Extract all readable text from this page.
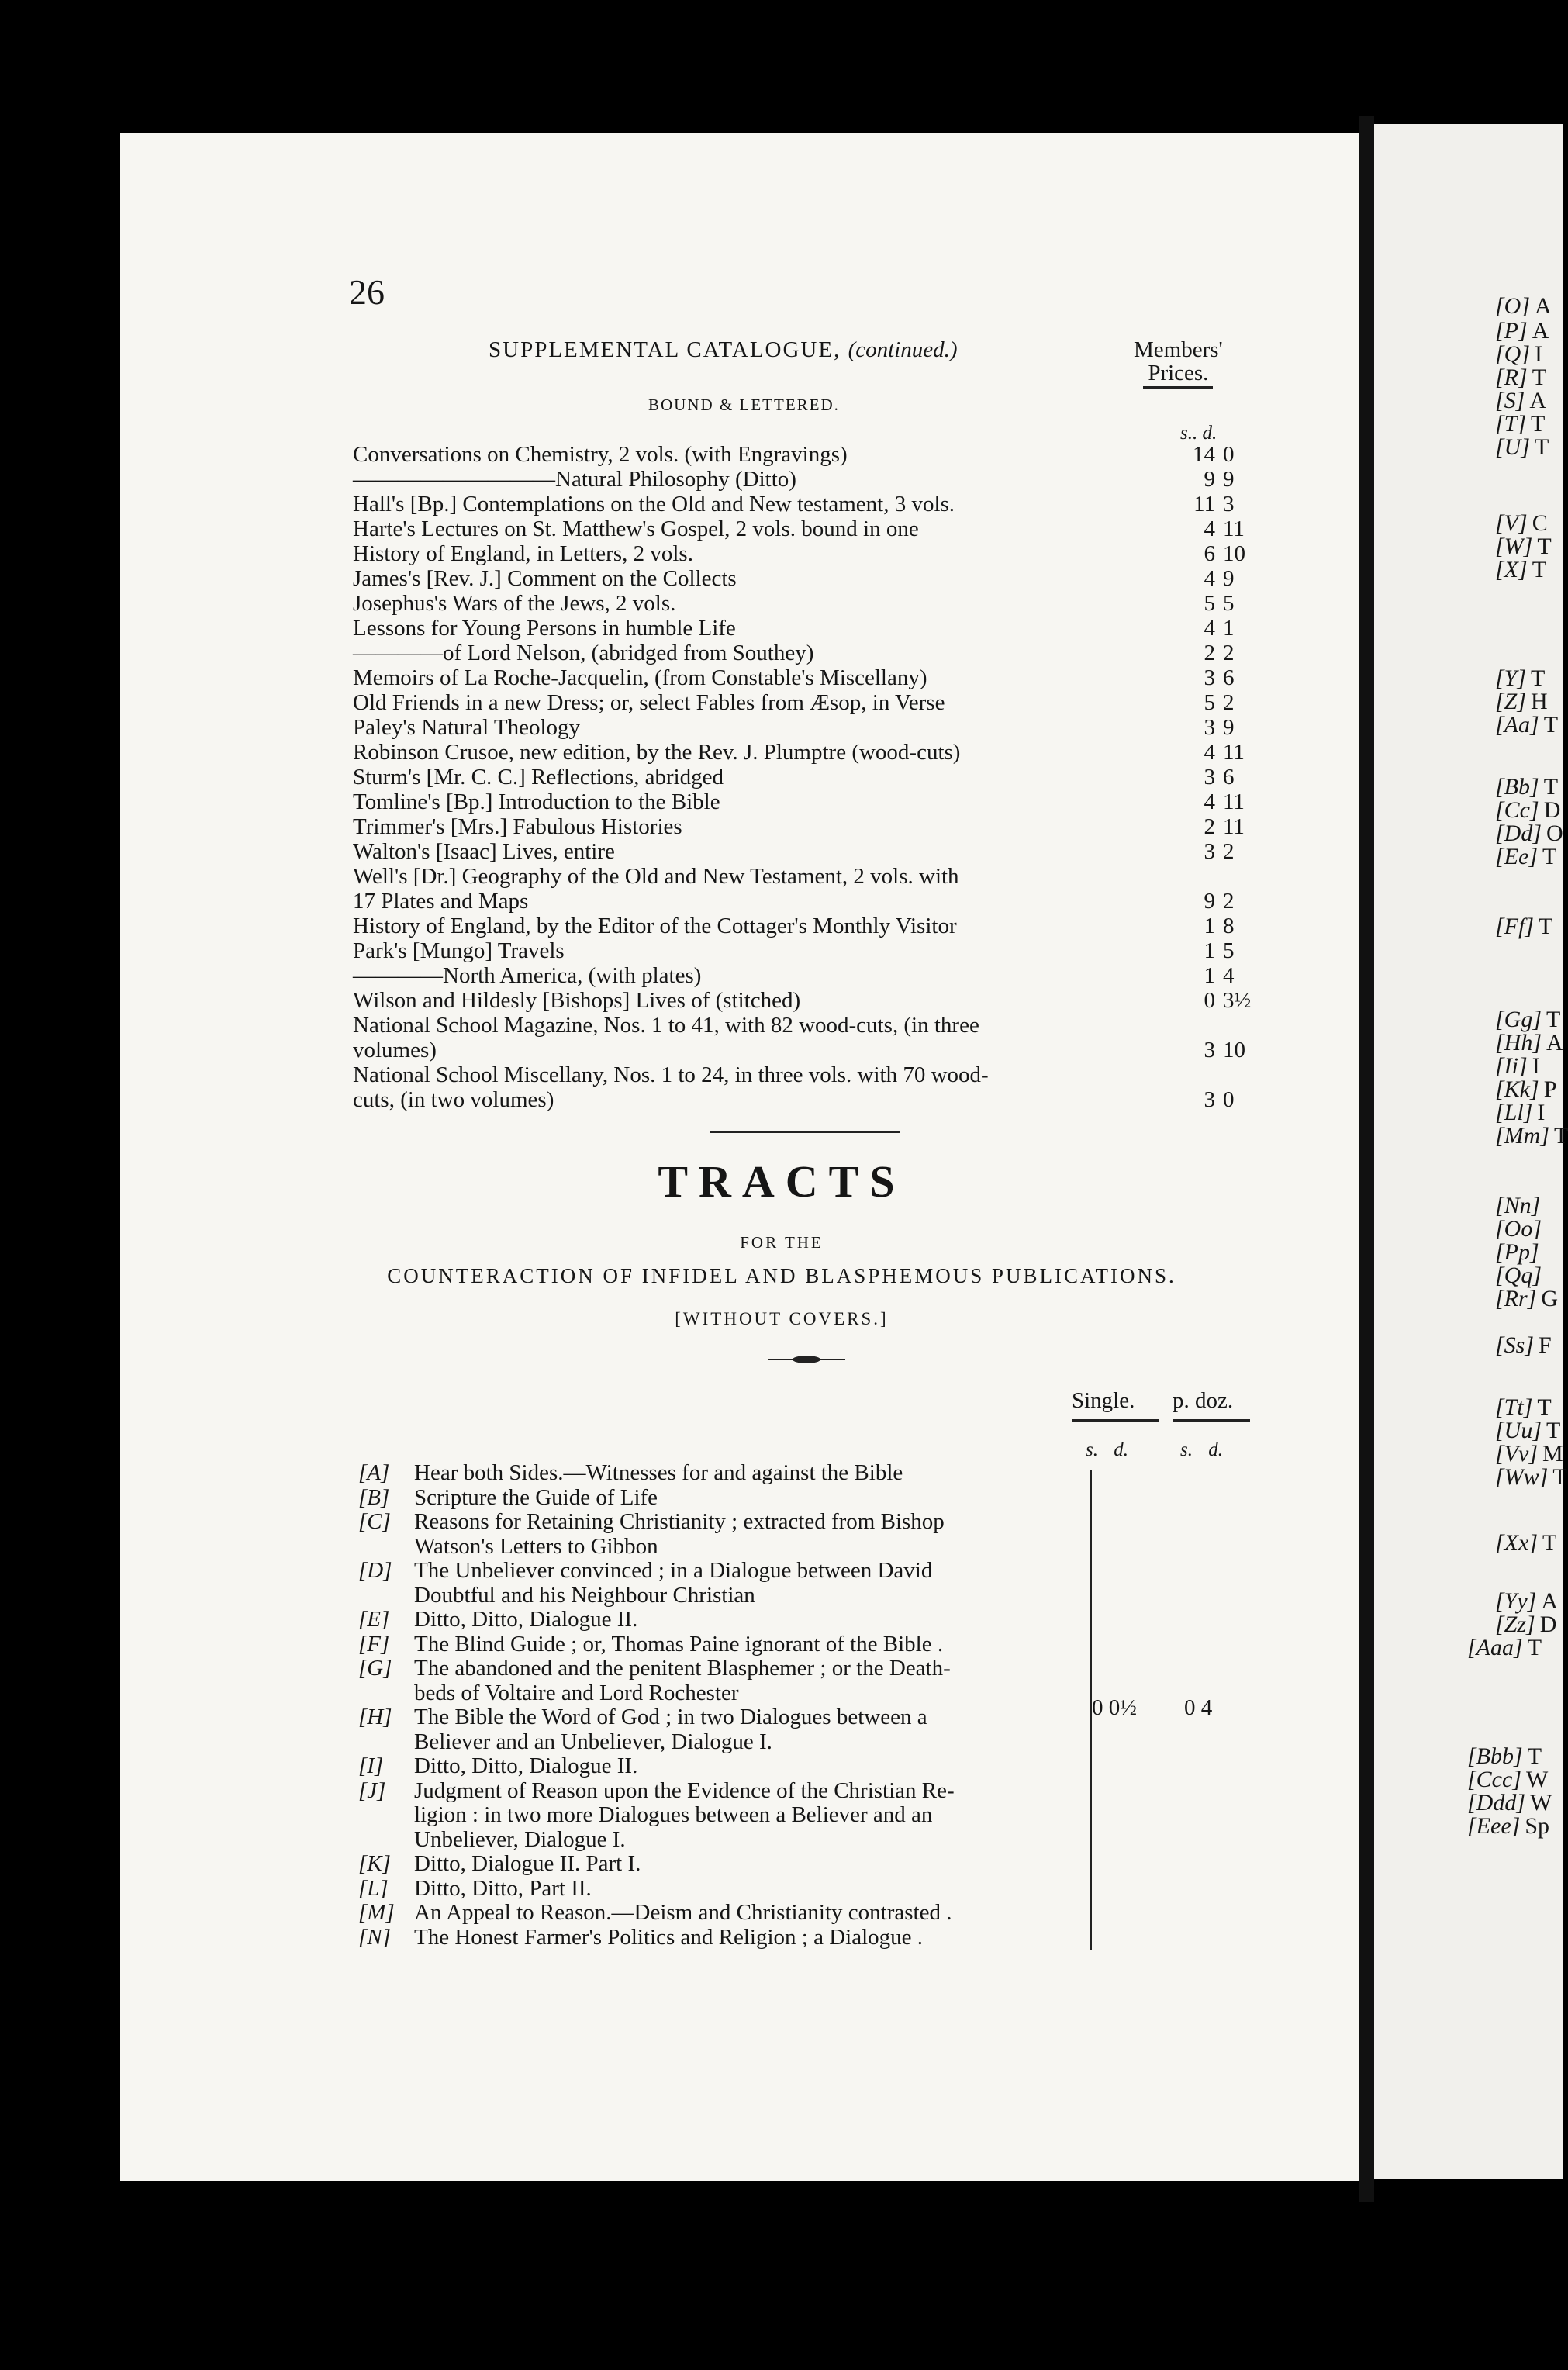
[O] A
[P] A
[Q] I
[R] T
[S] A
[T] T
[U] T
[V] C
[W] T
[X] T
[Y] T
[Z] H
[Aa] T
[Bb] T
[Cc] D
[Dd] O
[Ee] T
[Ff] T
[Gg] T
[Hh] A
[Ii] I
[Kk] P
[Ll] I
[Mm] T
[Nn]
[Oo]
[Pp]
[Qq]
[Rr] G
[Ss] F
[Tt] T
[Uu] T
[Vv] M
[Ww] T
[Xx] T
[Yy] A
[Zz] D
[Aaa] T
[Bbb] T
[Ccc] W
[Ddd] W
[Eee] Sp
26
SUPPLEMENTAL CATALOGUE, (continued.)	Members'
Prices.
BOUND & LETTERED.
s.. d.
Conversations on Chemistry, 2 vols. (with Engravings)	14 0
—————————Natural Philosophy (Ditto)	9 9
Hall's [Bp.] Contemplations on the Old and New testament, 3 vols.	11 3
Harte's Lectures on St. Matthew's Gospel, 2 vols. bound in one	4 11
History of England, in Letters, 2 vols.	6 10
James's [Rev. J.] Comment on the Collects	4 9
Josephus's Wars of the Jews, 2 vols.	5 5
Lessons for Young Persons in humble Life	4 1
————of Lord Nelson, (abridged from Southey)	2 2
Memoirs of La Roche-Jacquelin, (from Constable's Miscellany)	3 6
Old Friends in a new Dress; or, select Fables from Æsop, in Verse	5 2
Paley's Natural Theology	3 9
Robinson Crusoe, new edition, by the Rev. J. Plumptre (wood-cuts)	4 11
Sturm's [Mr. C. C.] Reflections, abridged	3 6
Tomline's [Bp.] Introduction to the Bible	4 11
Trimmer's [Mrs.] Fabulous Histories	2 11
Walton's [Isaac] Lives, entire	3 2
Well's [Dr.] Geography of the Old and New Testament, 2 vols. with
17 Plates and Maps	9 2
History of England, by the Editor of the Cottager's Monthly Visitor	1 8
Park's [Mungo] Travels	1 5
————North America, (with plates)	1 4
Wilson and Hildesly [Bishops] Lives of (stitched)	0 3½
National School Magazine, Nos. 1 to 41, with 82 wood-cuts, (in three
volumes)	3 10
National School Miscellany, Nos. 1 to 24, in three vols. with 70 wood-
cuts, (in two volumes)	3 0
TRACTS
FOR THE
COUNTERACTION OF INFIDEL AND BLASPHEMOUS PUBLICATIONS.
[WITHOUT COVERS.]
Single. p. doz.
s. d.	s. d.
[A] Hear both Sides.—Witnesses for and against the Bible
[B] Scripture the Guide of Life
[C] Reasons for Retaining Christianity ; extracted from Bishop
Watson's Letters to Gibbon
[D] The Unbeliever convinced ; in a Dialogue between David
Doubtful and his Neighbour Christian
[E] Ditto, Ditto, Dialogue II.
[F] The Blind Guide ; or, Thomas Paine ignorant of the Bible .
[G] The abandoned and the penitent Blasphemer ; or the Death-
beds of Voltaire and Lord Rochester
[H] The Bible the Word of God ; in two Dialogues between a
Believer and an Unbeliever, Dialogue I.
[I] Ditto, Ditto, Dialogue II.
[J] Judgment of Reason upon the Evidence of the Christian Re-
ligion : in two more Dialogues between a Believer and an
Unbeliever, Dialogue I.
[K] Ditto, Dialogue II. Part I.
[L] Ditto, Ditto, Part II.
[M] An Appeal to Reason.—Deism and Christianity contrasted .
[N] The Honest Farmer's Politics and Religion ; a Dialogue .
0 0½ 0 4
